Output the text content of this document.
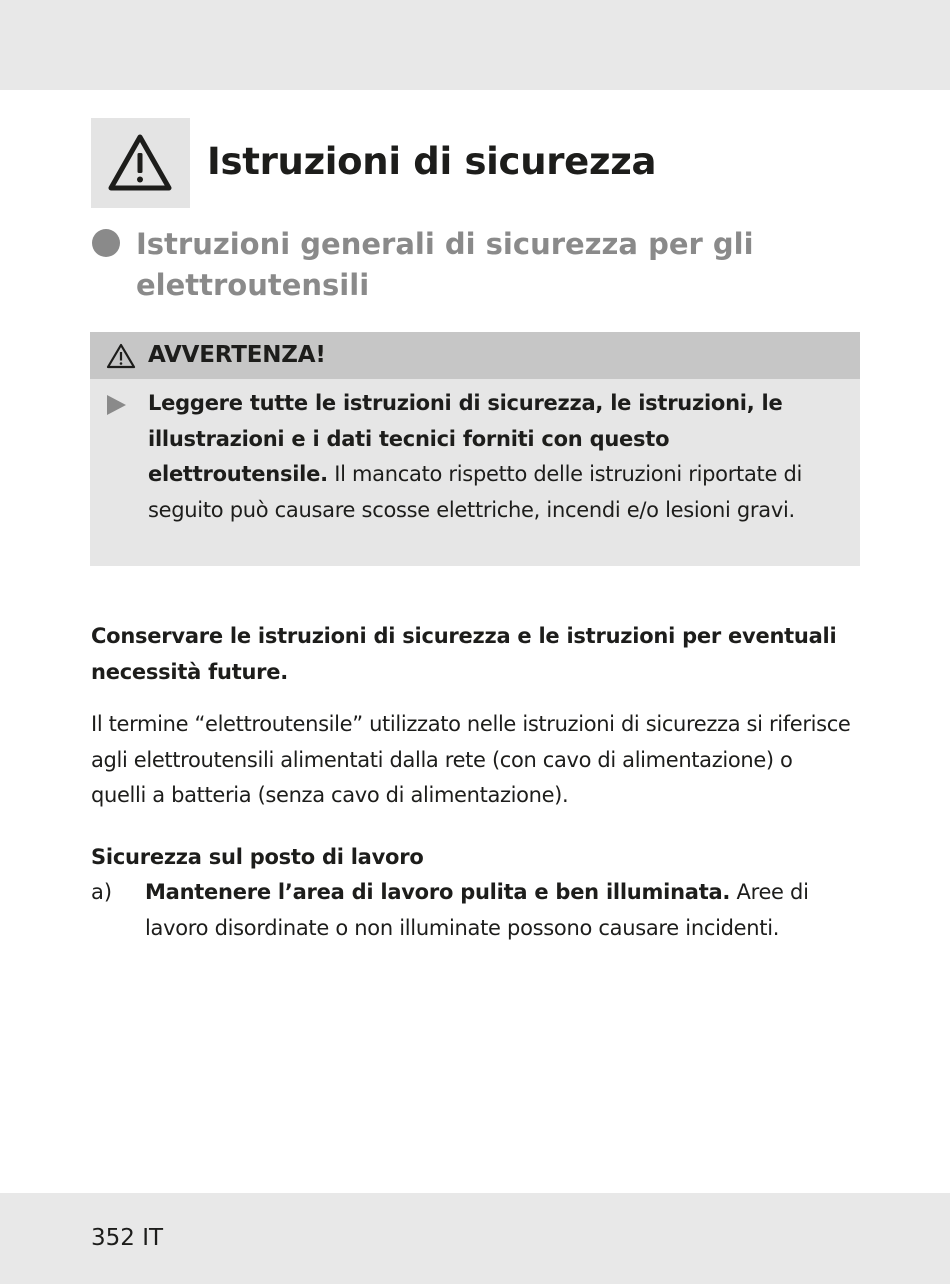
Istruzioni di sicurezza
Istruzioni generali di sicurezza per gli elettroutensili
AVVERTENZA!
Leggere tutte le istruzioni di sicurezza, le istruzioni, le illustrazioni e i dati tecnici forniti con questo elettroutensile. Il mancato rispetto delle istruzioni riportate di seguito può causare scosse elettriche, incendi e/o lesioni gravi.

Conservare le istruzioni di sicurezza e le istruzioni per eventuali necessità future.

Il termine “elettroutensile” utilizzato nelle istruzioni di sicurezza si riferisce agli elettroutensili alimentati dalla rete (con cavo di alimentazione) o quelli a batteria (senza cavo di alimentazione).

Sicurezza sul posto di lavoro
a) Mantenere l’area di lavoro pulita e ben illuminata. Aree di lavoro disordinate o non illuminate possono causare incidenti.
352 IT
